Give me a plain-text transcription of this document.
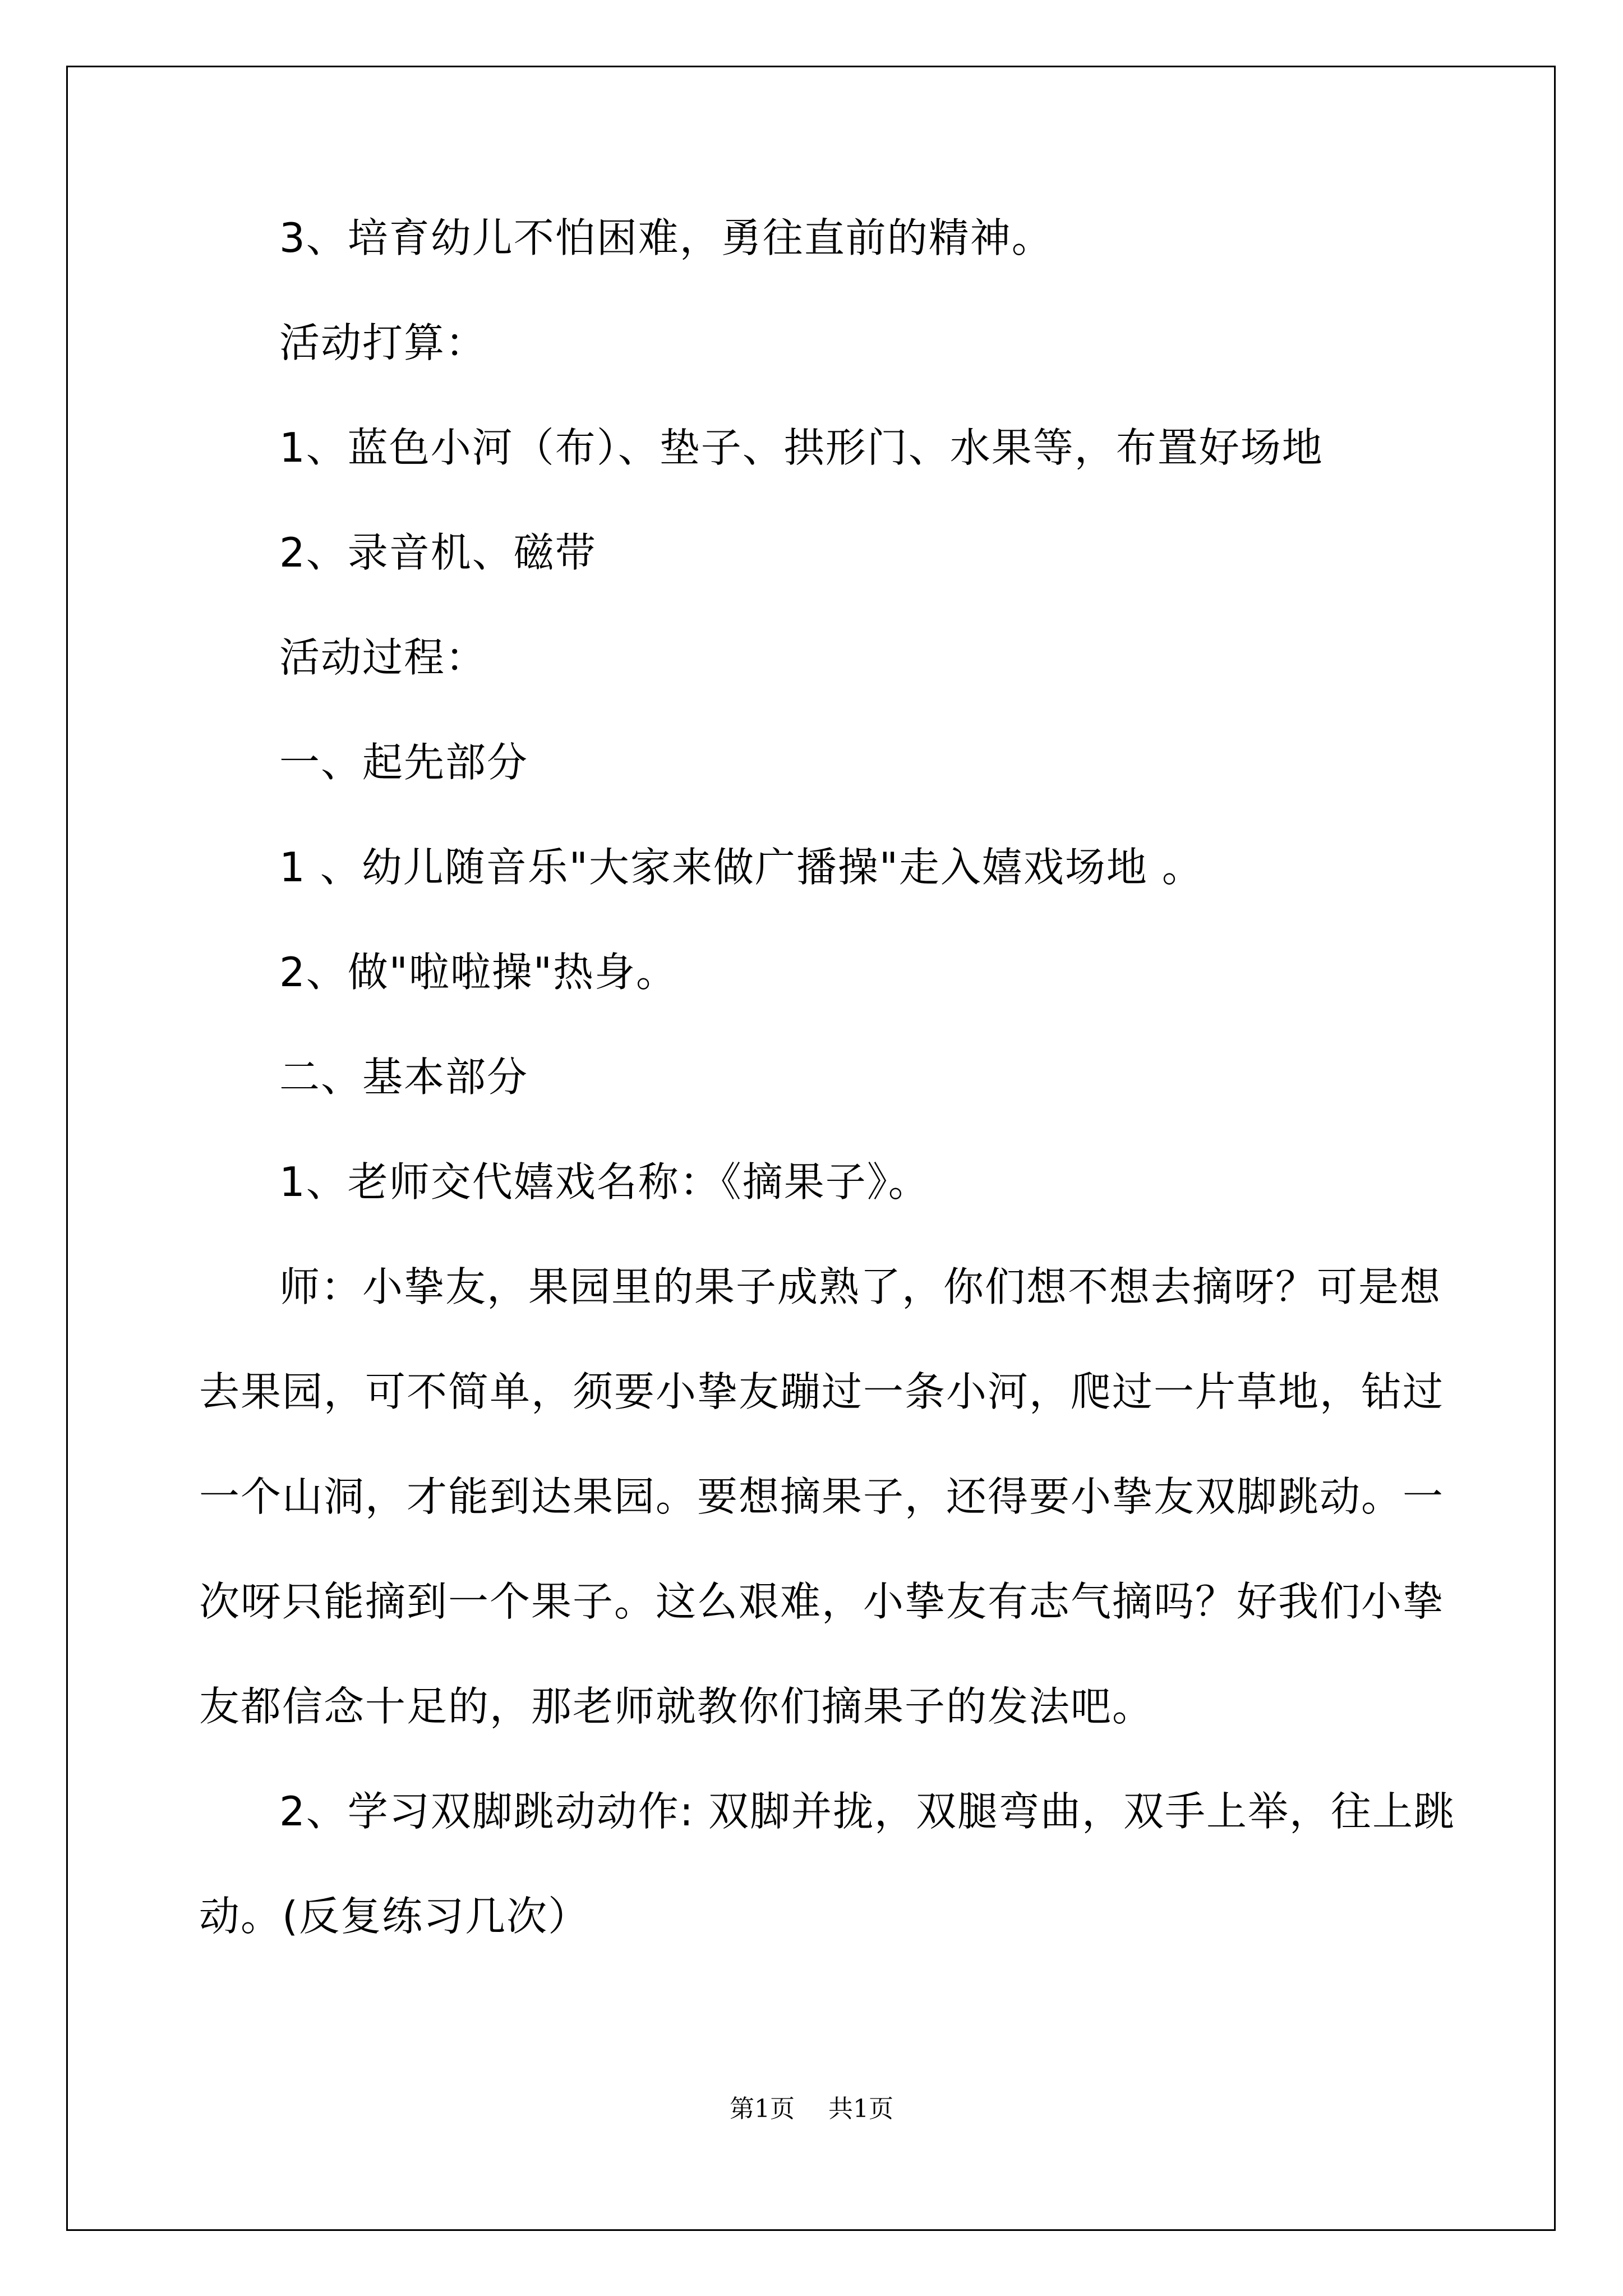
3、培育幼儿不怕困难，勇往直前的精神。
活动打算：
1、蓝色小河（布）、垫子、拱形门、水果等，布置好场地
2、录音机、磁带
活动过程：
一、起先部分
1 、幼儿随音乐"大家来做广播操"走入嬉戏场地 。
2、做"啦啦操"热身。
二、基本部分
1、老师交代嬉戏名称：《摘果子》。
师：小挚友，果园里的果子成熟了，你们想不想去摘呀？可是想
去果园，可不简单，须要小挚友蹦过一条小河，爬过一片草地，钻过
一个山洞，才能到达果园。要想摘果子，还得要小挚友双脚跳动。一
次呀只能摘到一个果子。这么艰难，小挚友有志气摘吗？好我们小挚
友都信念十足的，那老师就教你们摘果子的发法吧。
2、学习双脚跳动动作: 双脚并拢，双腿弯曲，双手上举，往上跳
动。(反复练习几次）
第1页 共1页
